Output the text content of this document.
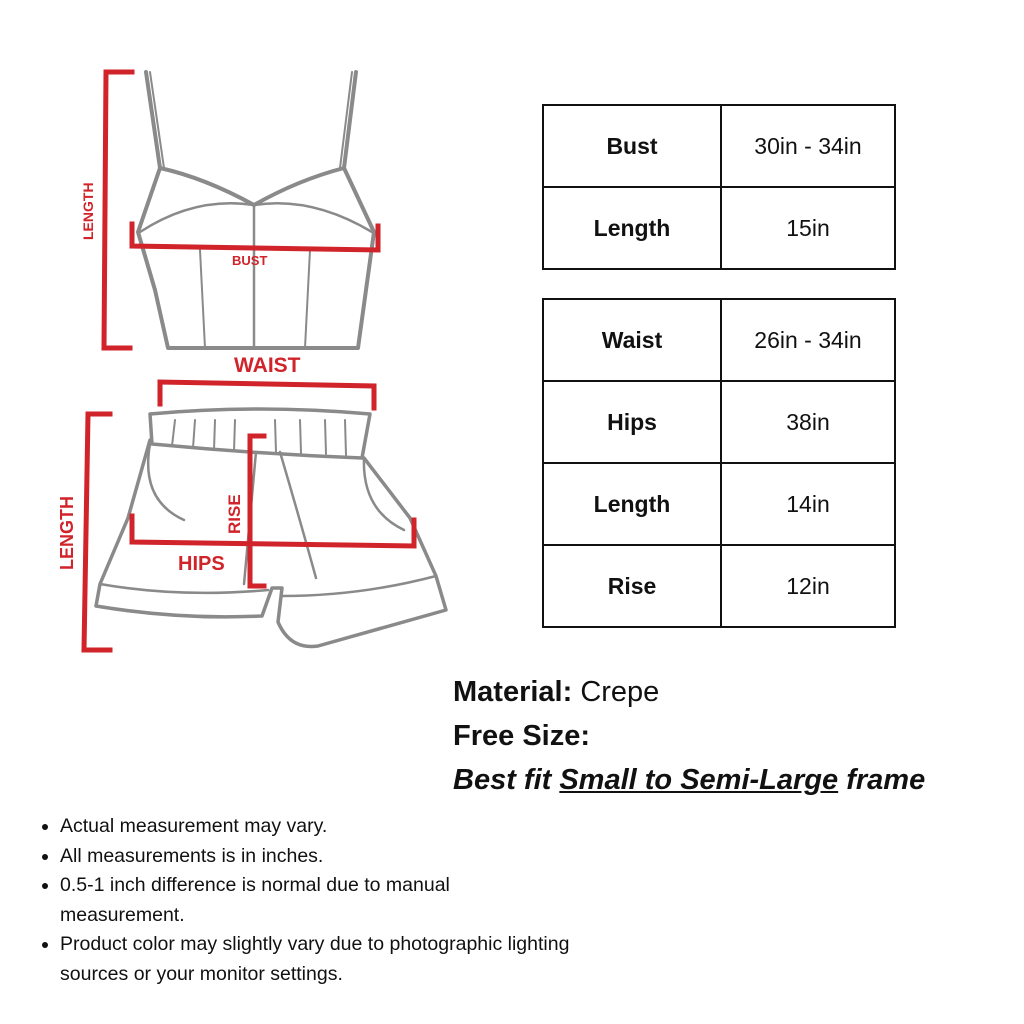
LENGTH
BUST
WAIST
LENGTH	RISE
HIPS
Bust	30in - 34in
Length	15in
Waist	26in - 34in
Hips	38in
Length	14in
Rise	12in
Material: Crepe
Free Size:
Best fit Small to Semi-Large frame
Actual measurement may vary.
All measurements is in inches.
0.5-1 inch difference is normal due to manual measurement.
Product color may slightly vary due to photographic lighting sources or your monitor settings.
